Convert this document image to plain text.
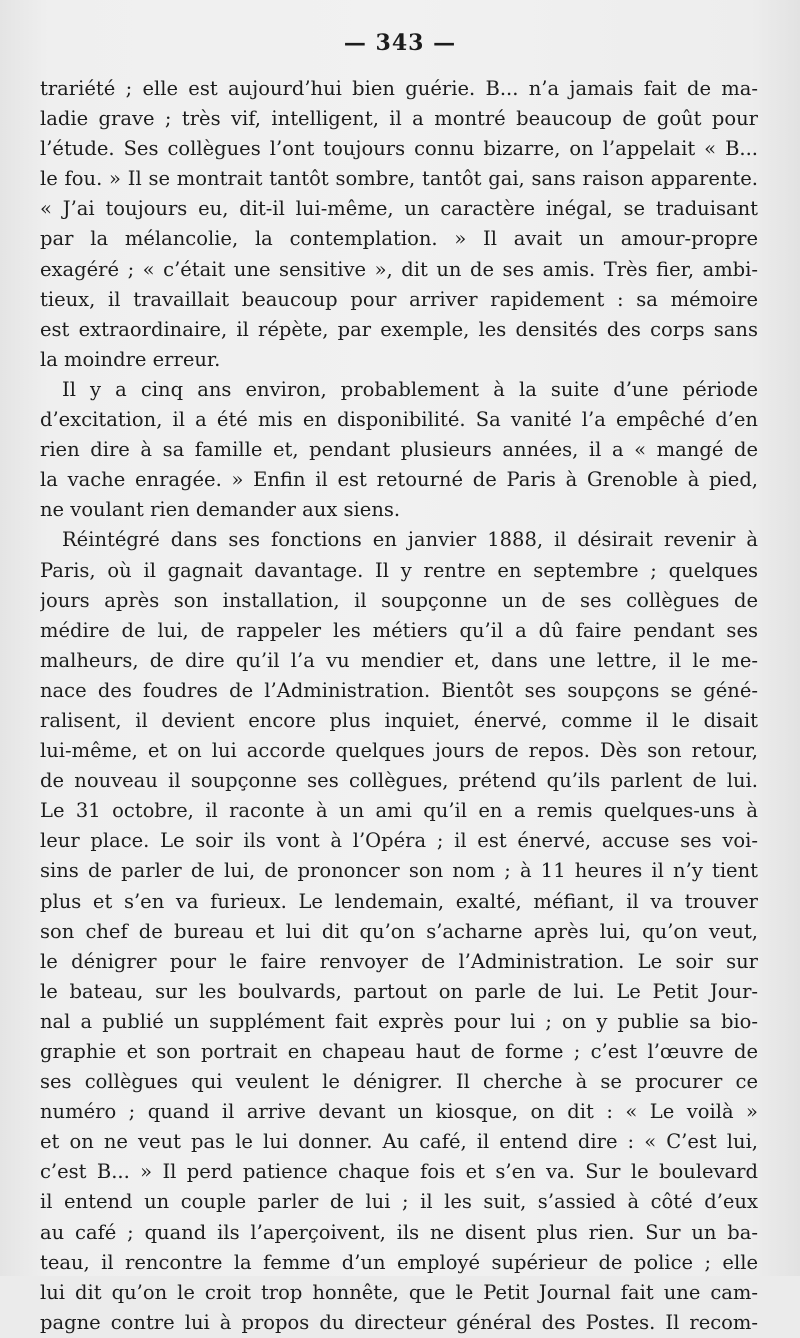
— 343 —
trariété ; elle est aujourd’hui bien guérie. B... n’a jamais fait de ma-
ladie grave ; très vif, intelligent, il a montré beaucoup de goût pour
l’étude. Ses collègues l’ont toujours connu bizarre, on l’appelait « B...
le fou. » Il se montrait tantôt sombre, tantôt gai, sans raison apparente.
« J’ai toujours eu, dit-il lui-même, un caractère inégal, se traduisant
par la mélancolie, la contemplation. » Il avait un amour-propre
exagéré ; « c’était une sensitive », dit un de ses amis. Très fier, ambi-
tieux, il travaillait beaucoup pour arriver rapidement : sa mémoire
est extraordinaire, il répète, par exemple, les densités des corps sans
la moindre erreur.
Il y a cinq ans environ, probablement à la suite d’une période
d’excitation, il a été mis en disponibilité. Sa vanité l’a empêché d’en
rien dire à sa famille et, pendant plusieurs années, il a « mangé de
la vache enragée. » Enfin il est retourné de Paris à Grenoble à pied,
ne voulant rien demander aux siens.
Réintégré dans ses fonctions en janvier 1888, il désirait revenir à
Paris, où il gagnait davantage. Il y rentre en septembre ; quelques
jours après son installation, il soupçonne un de ses collègues de
médire de lui, de rappeler les métiers qu’il a dû faire pendant ses
malheurs, de dire qu’il l’a vu mendier et, dans une lettre, il le me-
nace des foudres de l’Administration. Bientôt ses soupçons se géné-
ralisent, il devient encore plus inquiet, énervé, comme il le disait
lui-même, et on lui accorde quelques jours de repos. Dès son retour,
de nouveau il soupçonne ses collègues, prétend qu’ils parlent de lui.
Le 31 octobre, il raconte à un ami qu’il en a remis quelques-uns à
leur place. Le soir ils vont à l’Opéra ; il est énervé, accuse ses voi-
sins de parler de lui, de prononcer son nom ; à 11 heures il n’y tient
plus et s’en va furieux. Le lendemain, exalté, méfiant, il va trouver
son chef de bureau et lui dit qu’on s’acharne après lui, qu’on veut,
le dénigrer pour le faire renvoyer de l’Administration. Le soir sur
le bateau, sur les boulvards, partout on parle de lui. Le Petit Jour-
nal a publié un supplément fait exprès pour lui ; on y publie sa bio-
graphie et son portrait en chapeau haut de forme ; c’est l’œuvre de
ses collègues qui veulent le dénigrer. Il cherche à se procurer ce
numéro ; quand il arrive devant un kiosque, on dit : « Le voilà »
et on ne veut pas le lui donner. Au café, il entend dire : « C’est lui,
c’est B... » Il perd patience chaque fois et s’en va. Sur le boulevard
il entend un couple parler de lui ; il les suit, s’assied à côté d’eux
au café ; quand ils l’aperçoivent, ils ne disent plus rien. Sur un ba-
teau, il rencontre la femme d’un employé supérieur de police ; elle
lui dit qu’on le croit trop honnête, que le Petit Journal fait une cam-
pagne contre lui à propos du directeur général des Postes. Il recom-
